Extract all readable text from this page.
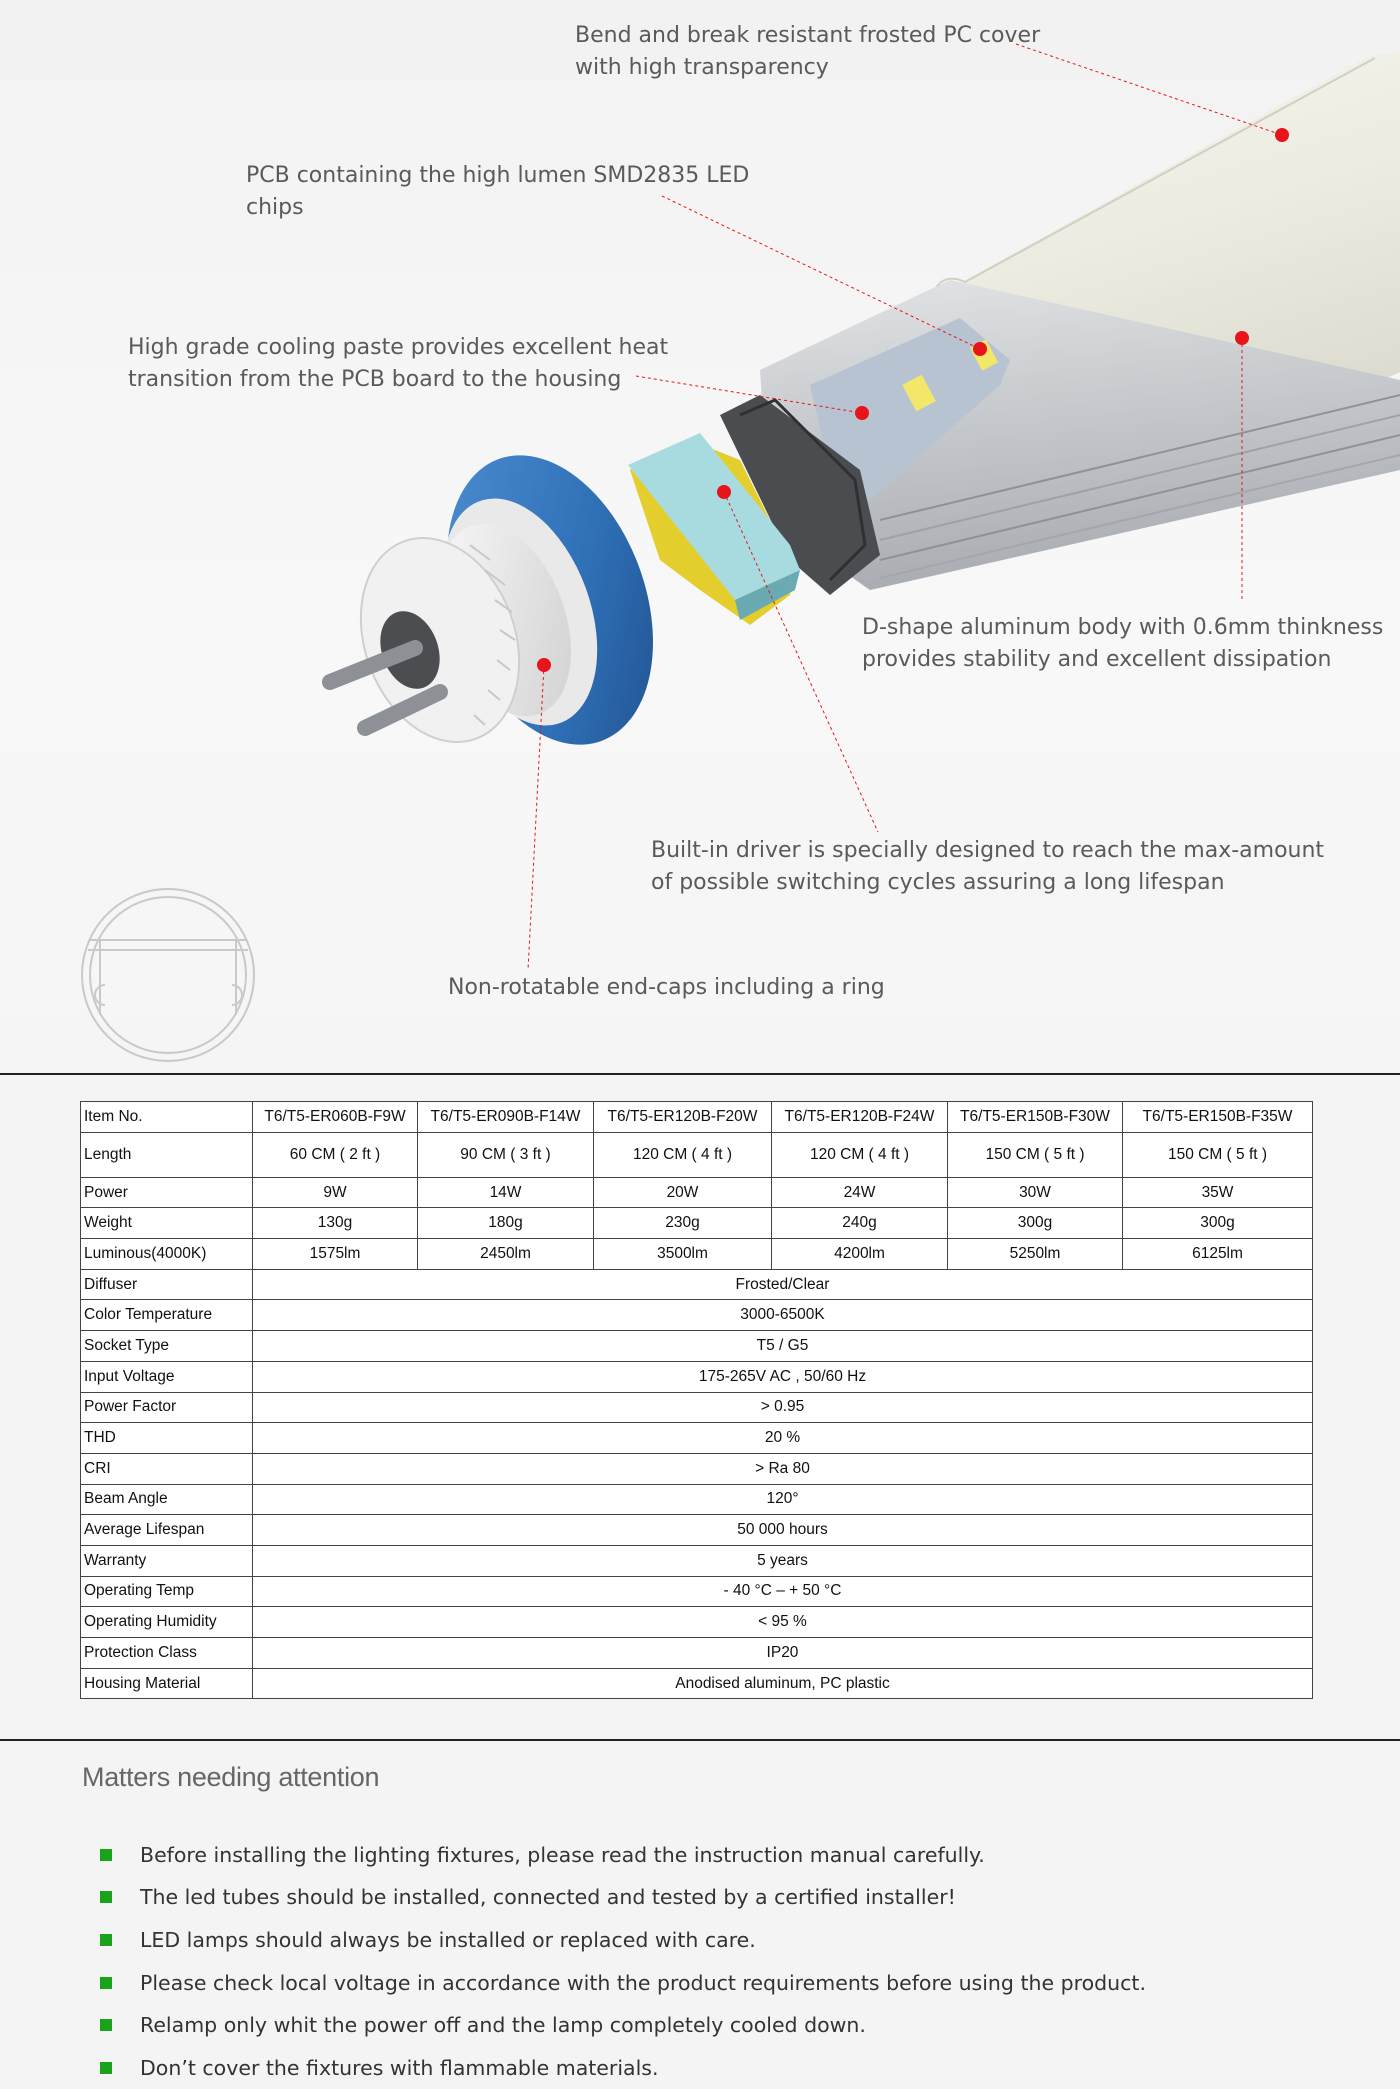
Bend and break resistant frosted PC cover
with high transparency
PCB containing the high lumen SMD2835 LED
chips
High grade cooling paste provides excellent heat
transition from the PCB board to the housing
D-shape aluminum body with 0.6mm thinkness
provides stability and excellent dissipation
Built-in driver is specially designed to reach the max-amount
of possible switching cycles assuring a long lifespan
Non-rotatable end-caps including a ring
Item No.	T6/T5-ER060B-F9W	T6/T5-ER090B-F14W	T6/T5-ER120B-F20W	T6/T5-ER120B-F24W	T6/T5-ER150B-F30W	T6/T5-ER150B-F35W
Length	60 CM ( 2 ft )	90 CM ( 3 ft )	120 CM ( 4 ft )	120 CM ( 4 ft )	150 CM ( 5 ft )	150 CM ( 5 ft )
Power	9W	14W	20W	24W	30W	35W
Weight	130g	180g	230g	240g	300g	300g
Luminous(4000K)	1575lm	2450lm	3500lm	4200lm	5250lm	6125lm
Diffuser	Frosted/Clear					
Color Temperature	3000-6500K					
Socket Type	T5 / G5					
Input Voltage	175-265V AC , 50/60 Hz					
Power Factor	> 0.95					
THD	20 %					
CRI	> Ra 80					
Beam Angle	120°					
Average Lifespan	50 000 hours					
Warranty	5 years					
Operating Temp	- 40 °C – + 50 °C					
Operating Humidity	< 95 %					
Protection Class	IP20					
Housing Material	Anodised aluminum, PC plastic					
Matters needing attention
Before installing the lighting fixtures, please read the instruction manual carefully.
The led tubes should be installed, connected and tested by a certified installer!
LED lamps should always be installed or replaced with care.
Please check local voltage in accordance with the product requirements before using the product.
Relamp only whit the power off and the lamp completely cooled down.
Don’t cover the fixtures with flammable materials.
